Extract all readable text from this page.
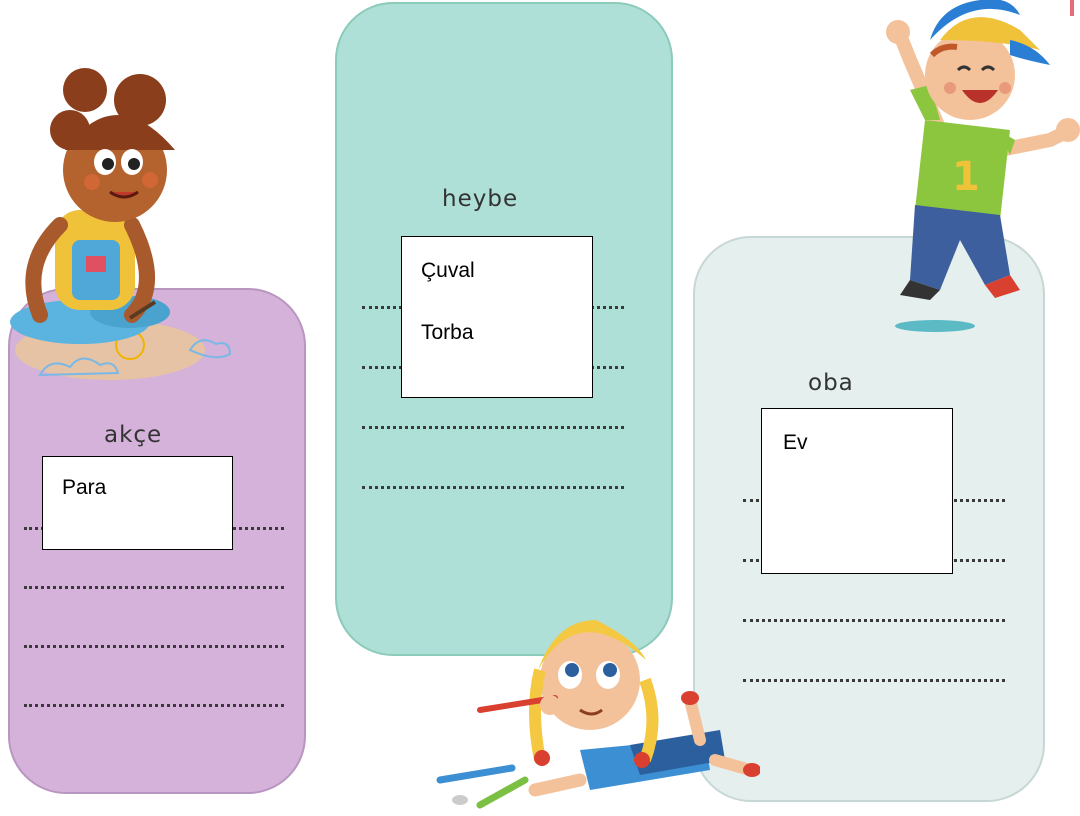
akçe
Para
heybe
Çuval
Torba
oba
Ev
1
